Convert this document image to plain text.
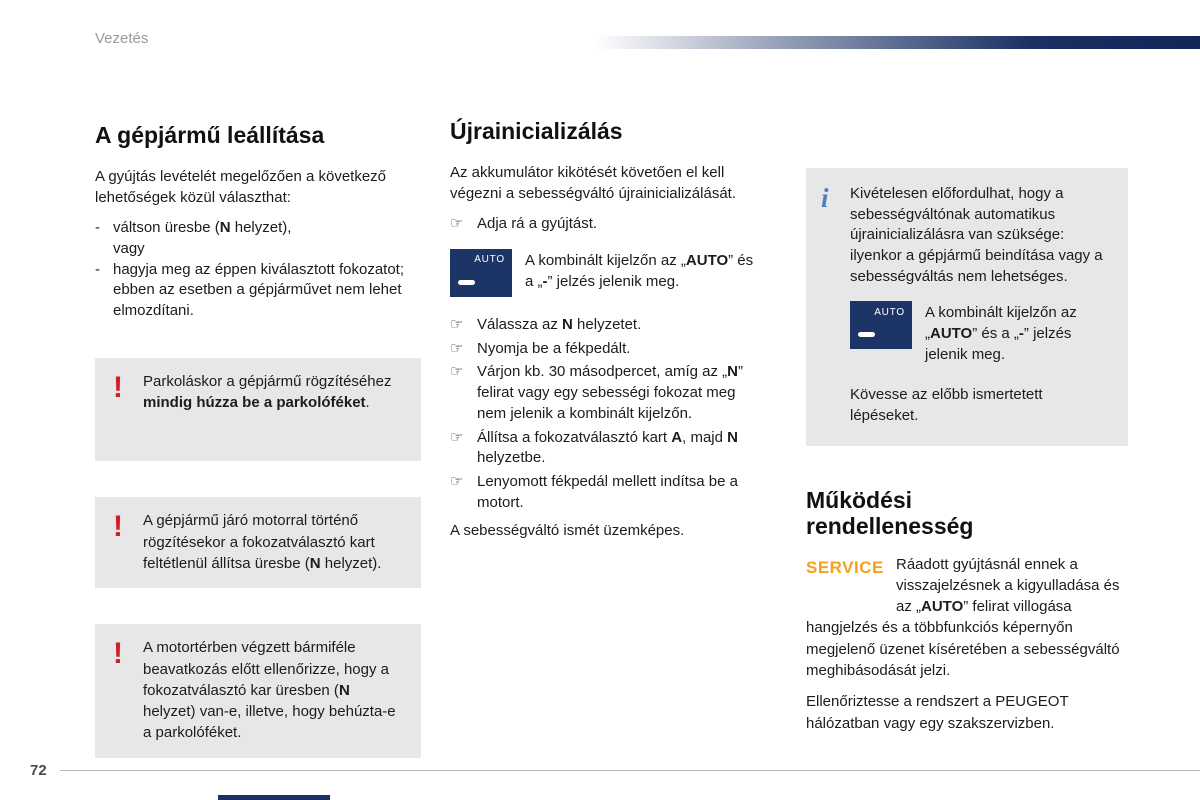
Vezetés
A gépjármű leállítása

A gyújtás levételét megelőzően a következő lehetőségek közül választhat:

- váltson üresbe (N helyzet),
vagy
- hagyja meg az éppen kiválasztott fokozatot; ebben az esetben a gépjárművet nem lehet elmozdítani.
! Parkoláskor a gépjármű rögzítéséhez mindig húzza be a parkolóféket.
! A gépjármű járó motorral történő rögzítésekor a fokozatválasztó kart feltétlenül állítsa üresbe (N helyzet).
! A motortérben végzett bármiféle beavatkozás előtt ellenőrizze, hogy a fokozatválasztó kar üresben (N helyzet) van-e, illetve, hogy behúzta-e a parkolóféket.
Újrainicializálás

Az akkumulátor kikötését követően el kell végezni a sebességváltó újrainicializálását.

☞ Adja rá a gyújtást.
AUTO A kombinált kijelzőn az „AUTO” és a „-” jelzés jelenik meg.
☞ Válassza az N helyzetet.
☞ Nyomja be a fékpedált.
☞ Várjon kb. 30 másodpercet, amíg az „N” felirat vagy egy sebességi fokozat meg nem jelenik a kombinált kijelzőn.
☞ Állítsa a fokozatválasztó kart A, majd N helyzetbe.
☞ Lenyomott fékpedál mellett indítsa be a motort.

A sebességváltó ismét üzemképes.

i Kivételesen előfordulhat, hogy a sebességváltónak automatikus újrainicializálásra van szüksége: ilyenkor a gépjármű beindítása vagy a sebességváltás nem lehetséges.

AUTO A kombinált kijelzőn az „AUTO” és a „-” jelzés jelenik meg.
Kövesse az előbb ismertetett lépéseket.
Működési rendellenesség
SERVICE Ráadott gyújtásnál ennek a visszajelzésnek a kigyulladása és az „AUTO” felirat villogása hangjelzés és a többfunkciós képernyőn megjelenő üzenet kíséretében a sebességváltó meghibásodását jelzi.

Ellenőriztesse a rendszert a PEUGEOT hálózatban vagy egy szakszervizben.

72
